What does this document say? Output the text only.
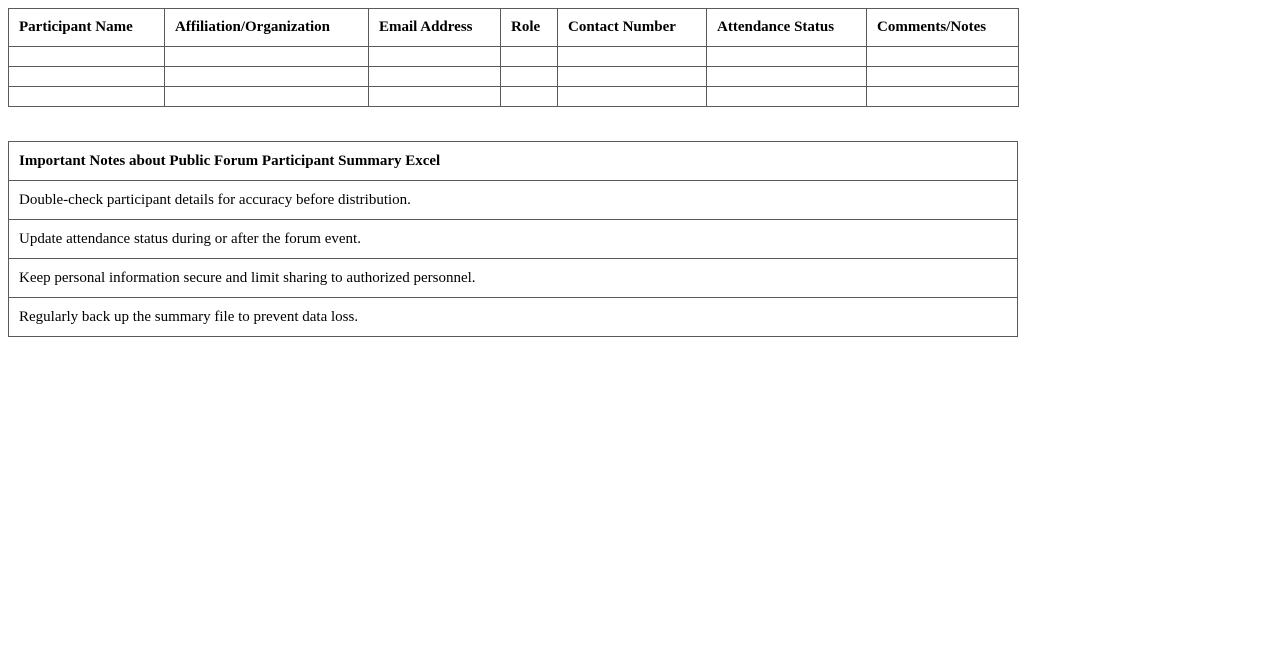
Participant Name	Affiliation/Organization	Email Address	Role	Contact Number	Attendance Status	Comments/Notes

Important Notes about Public Forum Participant Summary Excel
Double-check participant details for accuracy before distribution.
Update attendance status during or after the forum event.
Keep personal information secure and limit sharing to authorized personnel.
Regularly back up the summary file to prevent data loss.
